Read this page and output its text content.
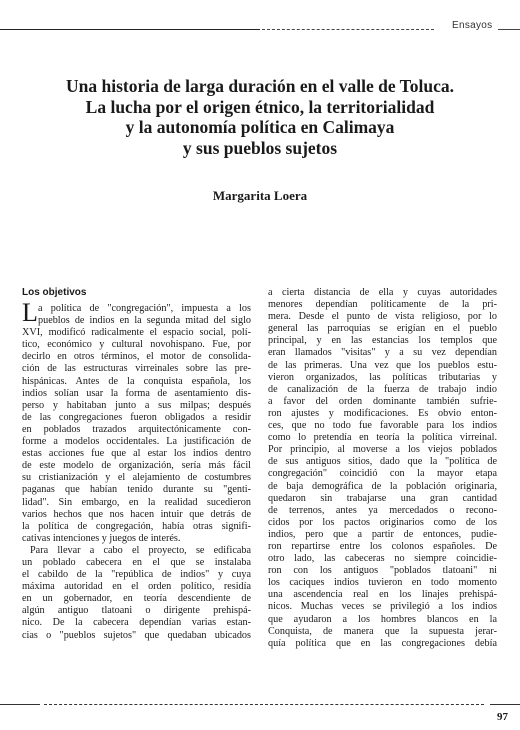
Ensayos
Una historia de larga duración en el valle de Toluca.
La lucha por el origen étnico, la territorialidad
y la autonomía política en Calimaya
y sus pueblos sujetos
Margarita Loera
Los objetivos
L a política de "congregación", impuesta a los
pueblos de indios en la segunda mitad del siglo
XVI, modificó radicalmente el espacio social, polí-
tico, económico y cultural novohispano. Fue, por
decirlo en otros términos, el motor de consolida-
ción de las estructuras virreinales sobre las pre-
hispánicas. Antes de la conquista española, los
indios solían usar la forma de asentamiento dis-
perso y habitaban junto a sus milpas; después
de las congregaciones fueron obligados a residir
en poblados trazados arquitectónicamente con-
forme a modelos occidentales. La justificación de
estas acciones fue que al estar los indios dentro
de este modelo de organización, sería más fácil
su cristianización y el alejamiento de costumbres
paganas que habían tenido durante su "genti-
lidad". Sin embargo, en la realidad sucedieron
varios hechos que nos hacen intuir que detrás de
la política de congregación, había otras signifi-
cativas intenciones y juegos de interés.
Para llevar a cabo el proyecto, se edificaba
un poblado cabecera en el que se instalaba
el cabildo de la "república de indios" y cuya
máxima autoridad en el orden político, residía
en un gobernador, en teoría descendiente de
algún antiguo tlatoani o dirigente prehispá-
nico. De la cabecera dependían varias estan-
cias o "pueblos sujetos" que quedaban ubicados
a cierta distancia de ella y cuyas autoridades
menores dependían políticamente de la pri-
mera. Desde el punto de vista religioso, por lo
general las parroquias se erigían en el pueblo
principal, y en las estancias los templos que
eran llamados "visitas" y a su vez dependían
de las primeras. Una vez que los pueblos estu-
vieron organizados, las políticas tributarias y
de canalización de la fuerza de trabajo indio
a favor del orden dominante también sufrie-
ron ajustes y modificaciones. Es obvio enton-
ces, que no todo fue favorable para los indios
como lo pretendía en teoría la política virreinal.
Por principio, al moverse a los viejos poblados
de sus antiguos sitios, dado que la "política de
congregación" coincidió con la mayor etapa
de baja demográfica de la población originaria,
quedaron sin trabajarse una gran cantidad
de terrenos, antes ya mercedados o recono-
cidos por los pactos originarios como de los
indios, pero que a partir de entonces, pudie-
ron repartirse entre los colonos españoles. De
otro lado, las cabeceras no siempre coincidie-
ron con los antiguos "poblados tlatoani" ni
los caciques indios tuvieron en todo momento
una ascendencia real en los linajes prehispá-
nicos. Muchas veces se privilegió a los indios
que ayudaron a los hombres blancos en la
Conquista, de manera que la supuesta jerar-
quía política que en las congregaciones debía
97
